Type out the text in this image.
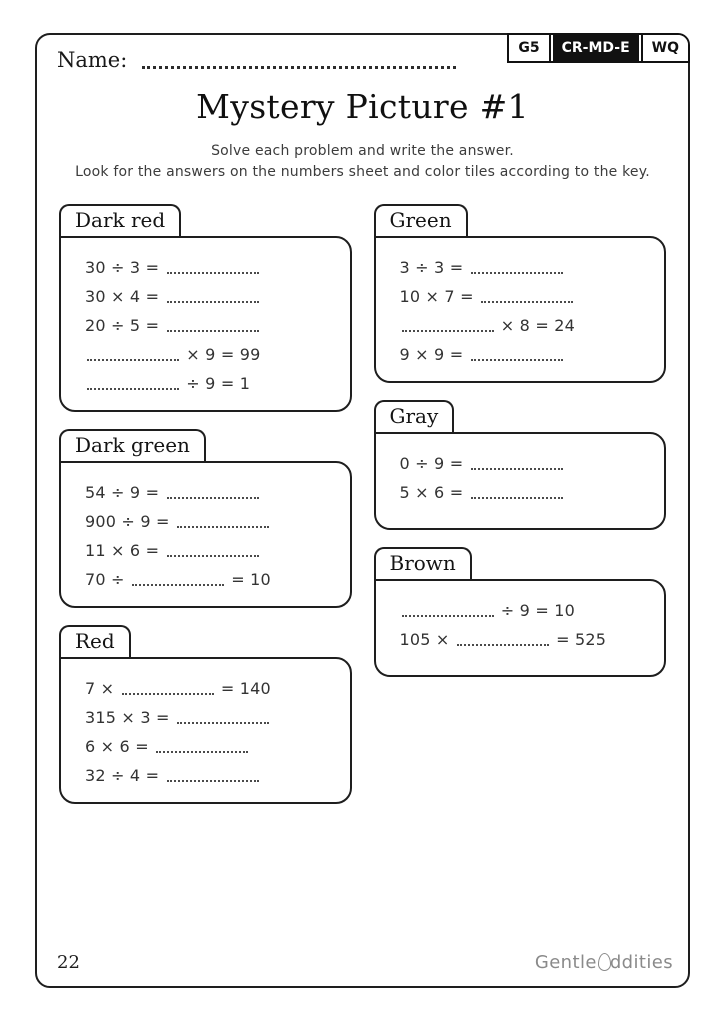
G5	CR-MD-E	WQ
Name:
Mystery Picture #1
Solve each problem and write the answer.
Look for the answers on the numbers sheet and color tiles according to the key.
Dark red
30 ÷ 3 =
30 × 4 =
20 ÷ 5 =
× 9 = 99
÷ 9 = 1
Dark green
54 ÷ 9 =
900 ÷ 9 =
11 × 6 =
70 ÷	= 10
Red
7 ×	= 140
315 × 3 =
6 × 6 =
32 ÷ 4 =
Green
3 ÷ 3 =
10 × 7 =
× 8 = 24
9 × 9 =
Gray
0 ÷ 9 =
5 × 6 =
Brown
÷ 9 = 10
105 ×	= 525
22	Gentle ddities
